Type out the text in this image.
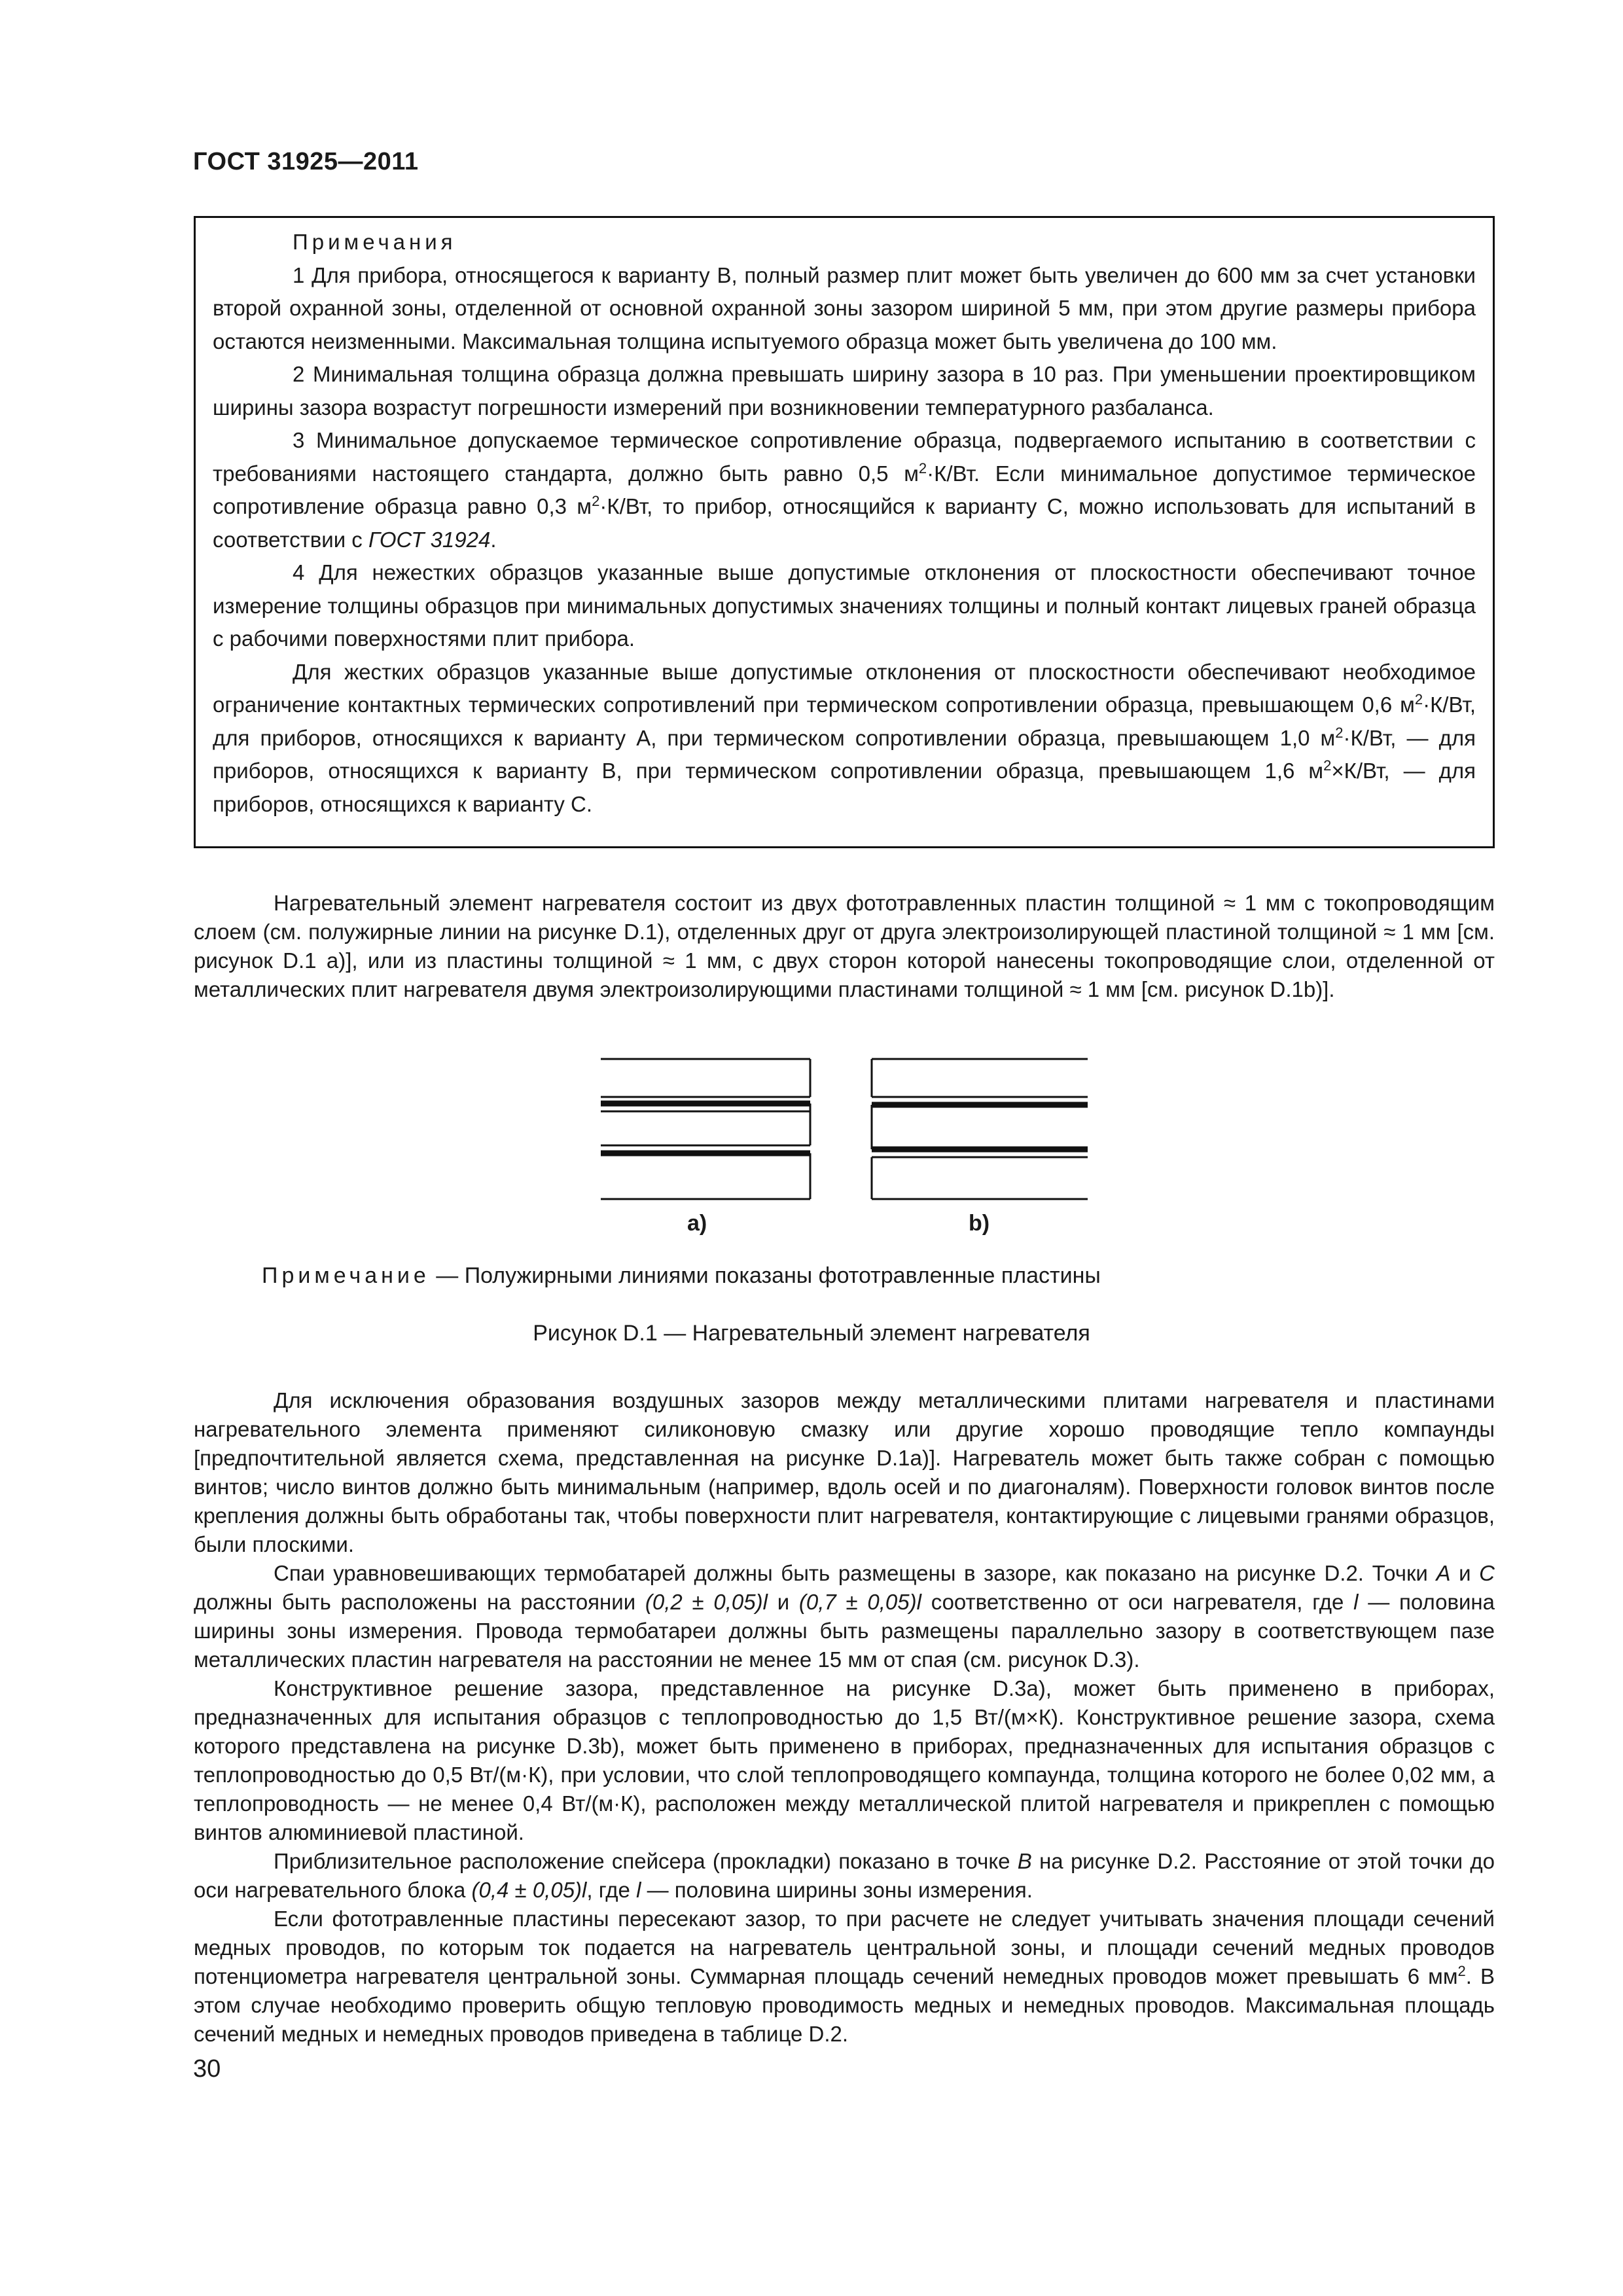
ГОСТ 31925—2011

Примечания

1 Для прибора, относящегося к варианту В, полный размер плит может быть увеличен до 600 мм за счет установки второй охранной зоны, отделенной от основной охранной зоны зазором шириной 5 мм, при этом другие размеры прибора остаются неизменными. Максимальная толщина испытуемого образца может быть увеличена до 100 мм.

2 Минимальная толщина образца должна превышать ширину зазора в 10 раз. При уменьшении проектировщиком ширины зазора возрастут погрешности измерений при возникновении температурного разбаланса.

3 Минимальное допускаемое термическое сопротивление образца, подвергаемого испытанию в соответствии с требованиями настоящего стандарта, должно быть равно 0,5 $м^2\cdot К/Вт$. Если минимальное допустимое термическое сопротивление образца равно 0,3 $м^2\cdot К/Вт$, то прибор, относящийся к варианту С, можно использовать для испытаний в соответствии с ГОСТ 31924.

4 Для нежестких образцов указанные выше допустимые отклонения от плоскостности обеспечивают точное измерение толщины образцов при минимальных допустимых значениях толщины и полный контакт лицевых граней образца с рабочими поверхностями плит прибора.

Для жестких образцов указанные выше допустимые отклонения от плоскостности обеспечивают необходимое ограничение контактных термических сопротивлений при термическом сопротивлении образца, превышающем 0,6 $м^2\cdot К/Вт$, для приборов, относящихся к варианту А, при термическом сопротивлении образца, превышающем 1,0 $м^2\cdot К/Вт$, — для приборов, относящихся к варианту В, при термическом сопротивлении образца, превышающем 1,6 $м^2\times К/Вт$, — для приборов, относящихся к варианту С.

Нагревательный элемент нагревателя состоит из двух фототравленных пластин толщиной ≈ 1 мм с токопроводящим слоем (см. полужирные линии на рисунке D.1), отделенных друг от друга электроизолирующей пластиной толщиной ≈ 1 мм [см. рисунок D.1 а)], или из пластины толщиной ≈ 1 мм, с двух сторон которой нанесены токопроводящие слои, отделенной от металлических плит нагревателя двумя электроизолирующими пластинами толщиной ≈ 1 мм [см. рисунок D.1b)].

a)	b)
Примечание — Полужирными линиями показаны фототравленные пластины
Рисунок D.1 — Нагревательный элемент нагревателя

Для исключения образования воздушных зазоров между металлическими плитами нагревателя и пластинами нагревательного элемента применяют силиконовую смазку или другие хорошо проводящие тепло компаунды [предпочтительной является схема, представленная на рисунке D.1a)]. Нагреватель может быть также собран с помощью винтов; число винтов должно быть минимальным (например, вдоль осей и по диагоналям). Поверхности головок винтов после крепления должны быть обработаны так, чтобы поверхности плит нагревателя, контактирующие с лицевыми гранями образцов, были плоскими.

Спаи уравновешивающих термобатарей должны быть размещены в зазоре, как показано на рисунке D.2. Точки A и C должны быть расположены на расстоянии (0,2 ± 0,05)l и (0,7 ± 0,05)l соответственно от оси нагревателя, где l — половина ширины зоны измерения. Провода термобатареи должны быть размещены параллельно зазору в соответствующем пазе металлических пластин нагревателя на расстоянии не менее 15 мм от спая (см. рисунок D.3).

Конструктивное решение зазора, представленное на рисунке D.3a), может быть применено в приборах, предназначенных для испытания образцов с теплопроводностью до 1,5 Вт/(м×К). Конструктивное решение зазора, схема которого представлена на рисунке D.3b), может быть применено в приборах, предназначенных для испытания образцов с теплопроводностью до 0,5 Вт/(м·К), при условии, что слой теплопроводящего компаунда, толщина которого не более 0,02 мм, а теплопроводность — не менее 0,4 Вт/(м·К), расположен между металлической плитой нагревателя и прикреплен с помощью винтов алюминиевой пластиной.

Приблизительное расположение спейсера (прокладки) показано в точке B на рисунке D.2. Расстояние от этой точки до оси нагревательного блока (0,4 ± 0,05)l, где l — половина ширины зоны измерения.

Если фототравленные пластины пересекают зазор, то при расчете не следует учитывать значения площади сечений медных проводов, по которым ток подается на нагреватель центральной зоны, и площади сечений медных проводов потенциометра нагревателя центральной зоны. Суммарная площадь сечений немедных проводов может превышать 6 $мм^2$. В этом случае необходимо проверить общую тепловую проводимость медных и немедных проводов. Максимальная площадь сечений медных и немедных проводов приведена в таблице D.2.

30
